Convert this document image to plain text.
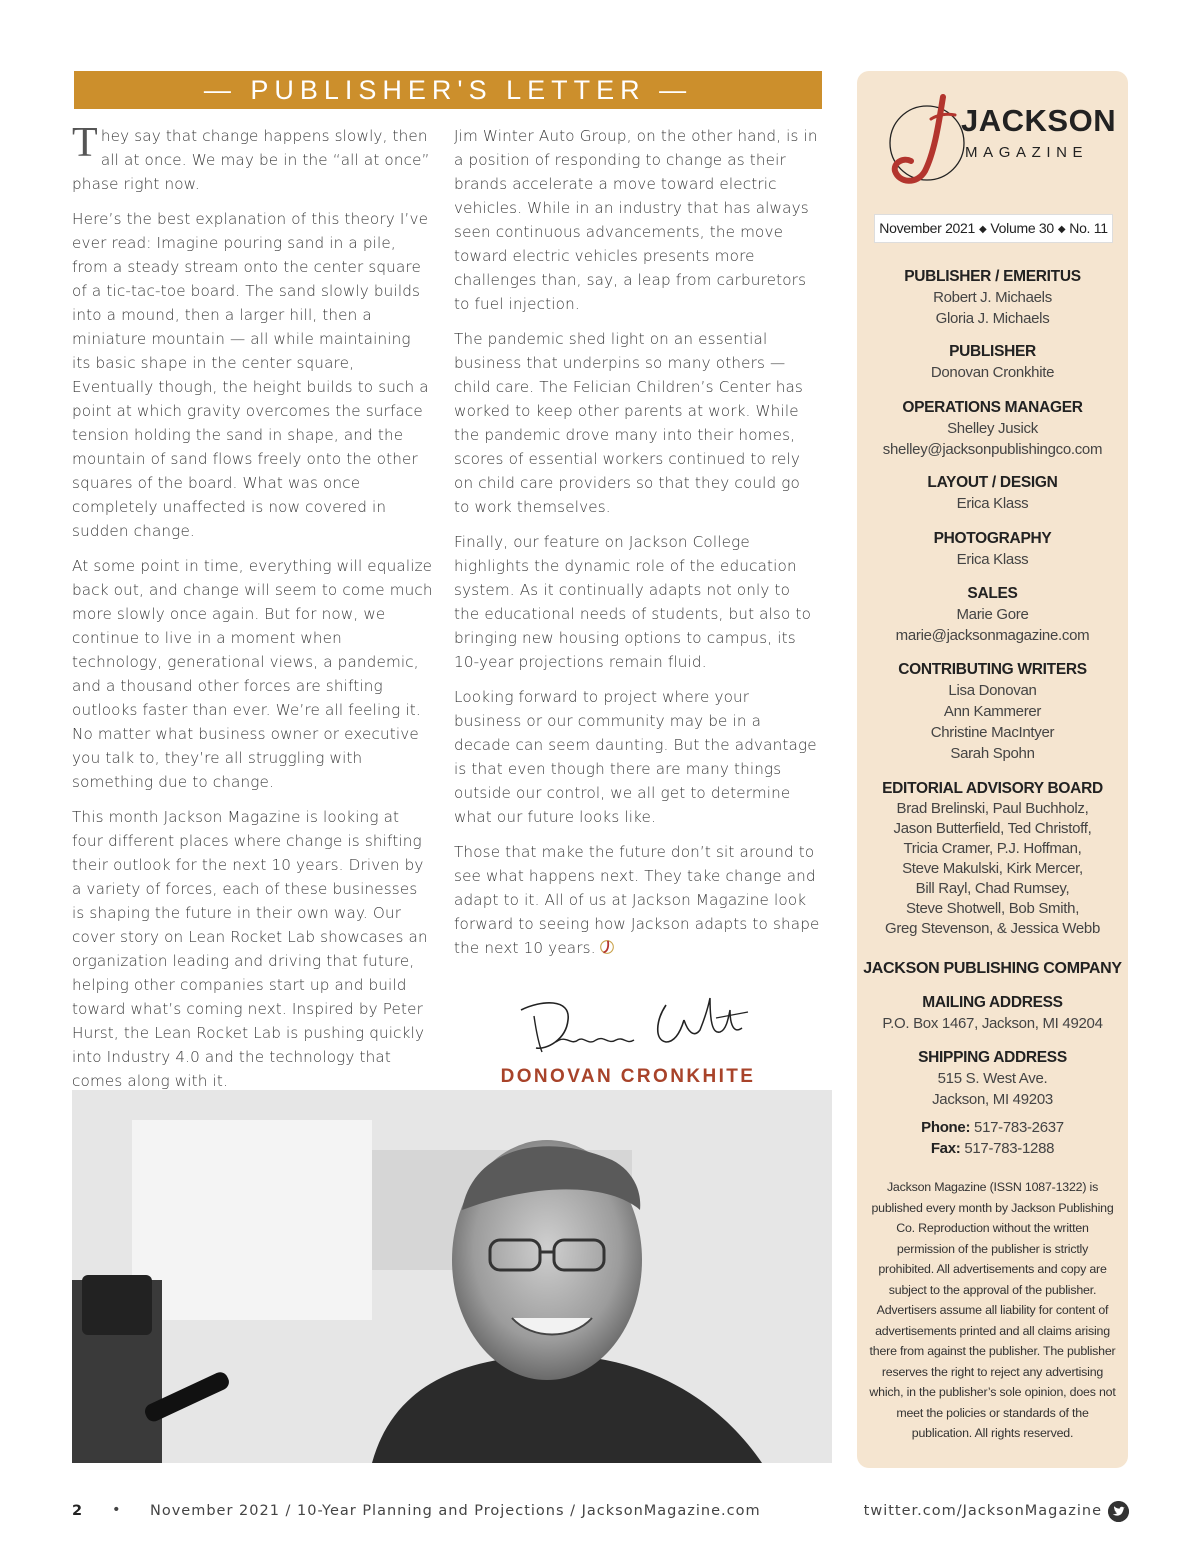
— PUBLISHER'S LETTER —

They say that change happens slowly, then all at once. We may be in the “all at once” phase right now.

Here’s the best explanation of this theory I’ve ever read: Imagine pouring sand in a pile, from a steady stream onto the center square of a tic-tac-toe board. The sand slowly builds into a mound, then a larger hill, then a miniature mountain — all while maintaining its basic shape in the center square, Eventually though, the height builds to such a point at which gravity overcomes the surface tension holding the sand in shape, and the mountain of sand flows freely onto the other squares of the board. What was once completely unaffected is now covered in sudden change.

At some point in time, everything will equalize back out, and change will seem to come much more slowly once again. But for now, we continue to live in a moment when technology, generational views, a pandemic, and a thousand other forces are shifting outlooks faster than ever. We’re all feeling it. No matter what business owner or executive you talk to, they’re all struggling with something due to change.

This month Jackson Magazine is looking at four different places where change is shifting their outlook for the next 10 years. Driven by a variety of forces, each of these businesses is shaping the future in their own way. Our cover story on Lean Rocket Lab showcases an organization leading and driving that future, helping other companies start up and build toward what’s coming next. Inspired by Peter Hurst, the Lean Rocket Lab is pushing quickly into Industry 4.0 and the technology that comes along with it.

Jim Winter Auto Group, on the other hand, is in a position of responding to change as their brands accelerate a move toward electric vehicles. While in an industry that has always seen continuous advancements, the move toward electric vehicles presents more challenges than, say, a leap from carburetors to fuel injection.

The pandemic shed light on an essential business that underpins so many others — child care. The Felician Children’s Center has worked to keep other parents at work. While the pandemic drove many into their homes, scores of essential workers continued to rely on child care providers so that they could go to work themselves.

Finally, our feature on Jackson College highlights the dynamic role of the education system. As it continually adapts not only to the educational needs of students, but also to bringing new housing options to campus, its 10-year projections remain fluid.

Looking forward to project where your business or our community may be in a decade can seem daunting. But the advantage is that even though there are many things outside our control, we all get to determine what our future looks like.

Those that make the future don’t sit around to see what happens next. They take change and adapt to it. All of us at Jackson Magazine look forward to seeing how Jackson adapts to shape the next 10 years.

DONOVAN CRONKHITE
JACKSON
MAGAZINE
November 2021 ◆ Volume 30 ◆ No. 11
PUBLISHER / EMERITUS
Robert J. Michaels
Gloria J. Michaels
PUBLISHER
Donovan Cronkhite
OPERATIONS MANAGER
Shelley Jusick
shelley@jacksonpublishingco.com
LAYOUT / DESIGN
Erica Klass
PHOTOGRAPHY
Erica Klass
SALES
Marie Gore
marie@jacksonmagazine.com
CONTRIBUTING WRITERS
Lisa Donovan
Ann Kammerer
Christine MacIntyer
Sarah Spohn
EDITORIAL ADVISORY BOARD
Brad Brelinski, Paul Buchholz,
Jason Butterfield, Ted Christoff,
Tricia Cramer, P.J. Hoffman,
Steve Makulski, Kirk Mercer,
Bill Rayl, Chad Rumsey,
Steve Shotwell, Bob Smith,
Greg Stevenson, & Jessica Webb
JACKSON PUBLISHING COMPANY
MAILING ADDRESS
P.O. Box 1467, Jackson, MI 49204
SHIPPING ADDRESS
515 S. West Ave.
Jackson, MI 49203
Phone: 517-783-2637
Fax: 517-783-1288
Jackson Magazine (ISSN 1087-1322) is published every month by Jackson Publishing Co. Reproduction without the written permission of the publisher is strictly prohibited. All advertisements and copy are subject to the approval of the publisher. Advertisers assume all liability for content of advertisements printed and all claims arising there from against the publisher. The publisher reserves the right to reject any advertising which, in the publisher’s sole opinion, does not meet the policies or standards of the publication. All rights reserved.
2 • November 2021 / 10-Year Planning and Projections / JacksonMagazine.com	twitter.com/JacksonMagazine
